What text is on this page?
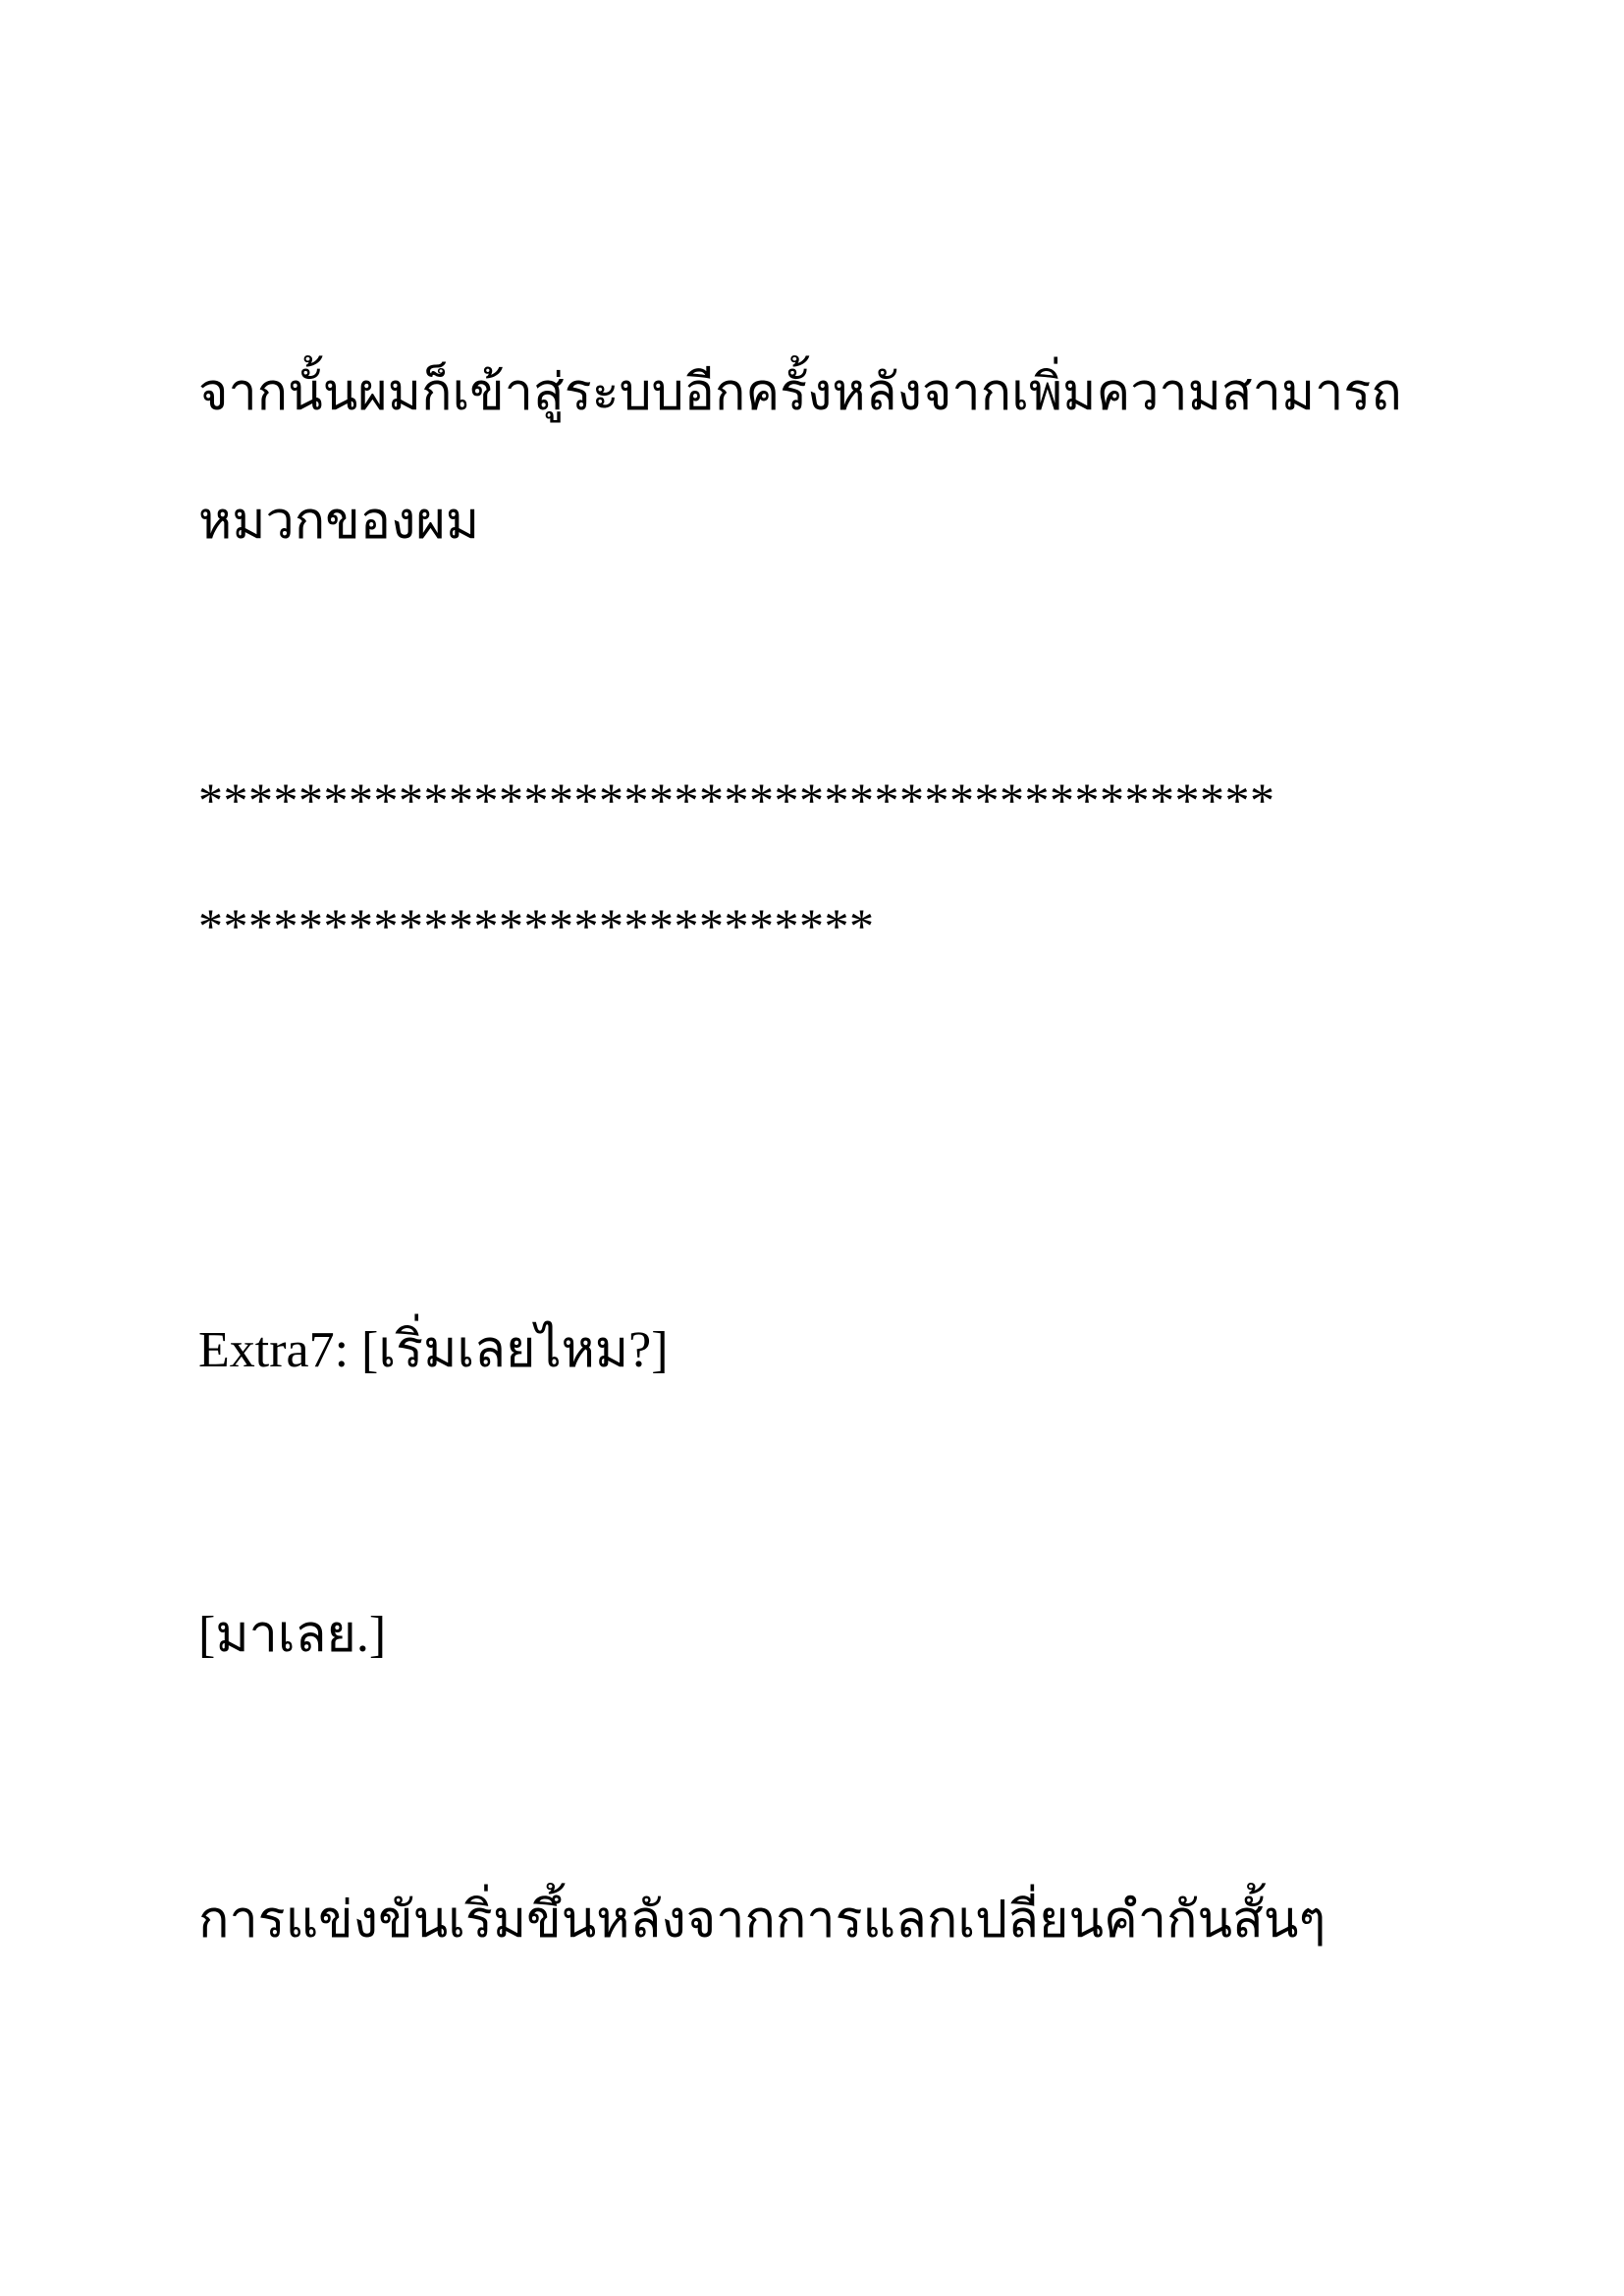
จากนั้นผมก็เข้าสู่ระบบอีกครั้งหลังจากเพิ่มความสามารถ

หมวกของผม

*******************************************

***************************

Extra7: [เริ่มเลยไหม?]

[มาเลย.]

การแข่งขันเริ่มขึ้นหลังจากการแลกเปลี่ยนคำกันสั้นๆ
